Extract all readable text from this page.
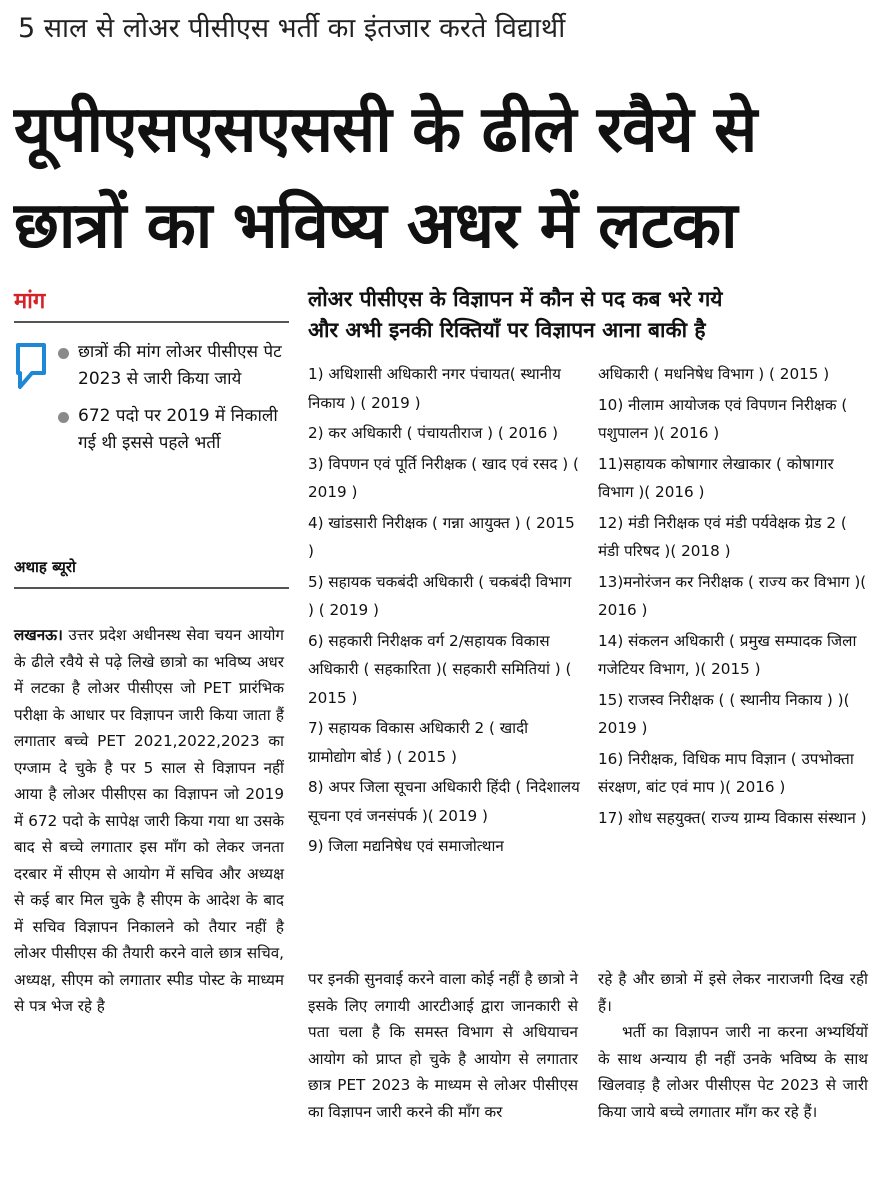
5 साल से लोअर पीसीएस भर्ती का इंतजार करते विद्यार्थी
यूपीएसएसएससी के ढीले रवैये से
छात्रों का भविष्य अधर में लटका
मांग
छात्रों की मांग लोअर पीसीएस पेट 2023 से जारी किया जाये
672 पदो पर 2019 में निकाली गई थी इससे पहले भर्ती
अथाह ब्यूरो
लखनऊ। उत्तर प्रदेश अधीनस्थ सेवा चयन आयोग के ढीले रवैये से पढ़े लिखे छात्रो का भविष्य अधर में लटका है लोअर पीसीएस जो PET प्रारंभिक परीक्षा के आधार पर विज्ञापन जारी किया जाता हैं लगातार बच्चे PET 2021,2022,2023 का एग्जाम दे चुके है पर 5 साल से विज्ञापन नहीं आया है लोअर पीसीएस का विज्ञापन जो 2019 में 672 पदो के सापेक्ष जारी किया गया था उसके बाद से बच्चे लगातार इस माँग को लेकर जनता दरबार में सीएम से आयोग में सचिव और अध्यक्ष से कई बार मिल चुके है सीएम के आदेश के बाद में सचिव विज्ञापन निकालने को तैयार नहीं है लोअर पीसीएस की तैयारी करने वाले छात्र सचिव, अध्यक्ष, सीएम को लगातार स्पीड पोस्ट के माध्यम से पत्र भेज रहे है
लोअर पीसीएस के विज्ञापन में कौन से पद कब भरे गये
और अभी इनकी रिक्तियाँ पर विज्ञापन आना बाकी है
1) अधिशासी अधिकारी नगर पंचायत( स्थानीय निकाय ) ( 2019 )
2) कर अधिकारी ( पंचायतीराज ) ( 2016 )
3) विपणन एवं पूर्ति निरीक्षक ( खाद एवं रसद ) ( 2019 )
4) खांडसारी निरीक्षक ( गन्ना आयुक्त ) ( 2015 )
5) सहायक चकबंदी अधिकारी ( चकबंदी विभाग ) ( 2019 )
6) सहकारी निरीक्षक वर्ग 2/सहायक विकास अधिकारी ( सहकारिता )( सहकारी समितियां ) ( 2015 )
7) सहायक विकास अधिकारी 2 ( खादी ग्रामोद्योग बोर्ड ) ( 2015 )
8) अपर जिला सूचना अधिकारी हिंदी ( निदेशालय सूचना एवं जनसंपर्क )( 2019 )
9) जिला मद्यनिषेध एवं समाजोत्थान
अधिकारी ( मधनिषेध विभाग ) ( 2015 )
10) नीलाम आयोजक एवं विपणन निरीक्षक ( पशुपालन )( 2016 )
11)सहायक कोषागार लेखाकार ( कोषागार विभाग )( 2016 )
12) मंडी निरीक्षक एवं मंडी पर्यवेक्षक ग्रेड 2 ( मंडी परिषद )( 2018 )
13)मनोरंजन कर निरीक्षक ( राज्य कर विभाग )( 2016 )
14) संकलन अधिकारी ( प्रमुख सम्पादक जिला गजेटियर विभाग, )( 2015 )
15) राजस्व निरीक्षक ( ( स्थानीय निकाय ) )( 2019 )
16) निरीक्षक, विधिक माप विज्ञान ( उपभोक्ता संरक्षण, बांट एवं माप )( 2016 )
17) शोध सहयुक्त( राज्य ग्राम्य विकास संस्थान )
पर इनकी सुनवाई करने वाला कोई नहीं है छात्रो ने इसके लिए लगायी आरटीआई द्वारा जानकारी से पता चला है कि समस्त विभाग से अधियाचन आयोग को प्राप्त हो चुके है आयोग से लगातार छात्र PET 2023 के माध्यम से लोअर पीसीएस का विज्ञापन जारी करने की माँग कर

रहे है और छात्रो में इसे लेकर नाराजगी दिख रही हैं।

भर्ती का विज्ञापन जारी ना करना अभ्यर्थियों के साथ अन्याय ही नहीं उनके भविष्य के साथ खिलवाड़ है लोअर पीसीएस पेट 2023 से जारी किया जाये बच्चे लगातार माँग कर रहे हैं।
